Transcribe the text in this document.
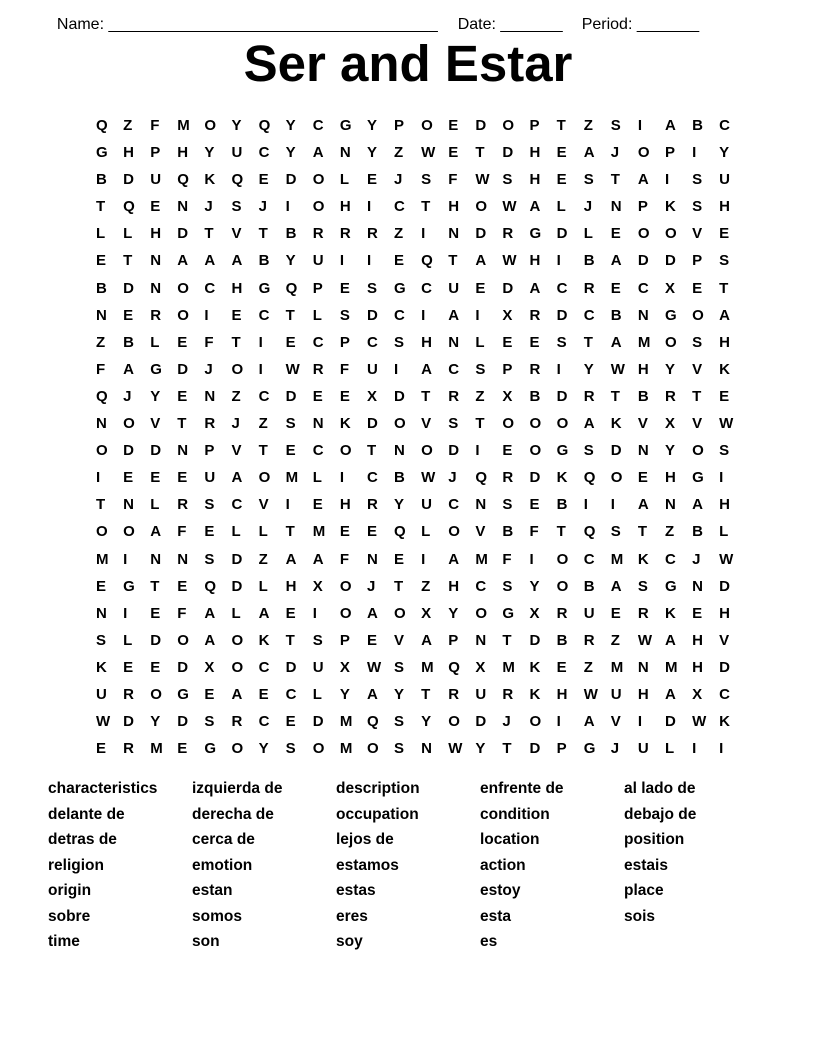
Name: _____________________________________ Date: _______ Period: _______

Ser and Estar
Q	Z	F	M O	Y	Q	Y	C	G	Y	P	O	E	D	O	P	T	Z	S	I	A	B	C
G	H	P	H	Y	U	C	Y	A	N	Y	Z	W E	T	D	H	E	A	J	O	P	I	Y
B	D	U	Q	K	Q	E	D	O	L	E	J	S	F	W S	H	E	S	T	A	I	S	U
T	Q	E	N	J	S	J	I	O	H	I	C	T	H	O	W A	L	J	N	P	K	S	H
L	L	H	D	T	V	T	B	R	R	R	Z	I	N	D	R	G	D	L	E	O	O	V	E
E	T	N	A	A	A	B	Y	U	I	I	E	Q	T	A	W H	I	B	A	D	D	P	S
B	D	N	O	C	H	G	Q	P	E	S	G	C	U	E	D	A	C	R	E	C	X	E	T
N	E	R	O	I	E	C	T	L	S	D	C	I	A	I	X	R	D	C	B	N	G	O	A
Z	B	L	E	F	T	I	E	C	P	C	S	H	N	L	E	E	S	T	A	M O	S	H
F	A	G	D	J	O	I	W R	F	U	I	A	C	S	P	R	I	Y	W H	Y	V	K
Q	J	Y	E	N	Z	C	D	E	E	X	D	T	R	Z	X	B	D	R	T	B	R	T	E
N	O	V	T	R	J	Z	S	N	K	D	O	V	S	T	O	O	O	A	K	V	X	V	W
O	D	D	N	P	V	T	E	C	O	T	N	O	D	I	E	O	G	S	D	N	Y	O	S
I	E	E	E	U	A	O	M L	I	C	B	W J	Q	R	D	K	Q	O	E	H	G	I
T	N	L	R	S	C	V	I	E	H	R	Y	U	C	N	S	E	B	I	I	A	N	A	H
O	O	A	F	E	L	L	T	M E	E	Q	L	O	V	B	F	T	Q	S	T	Z	B	L
M I	N	N	S	D	Z	A	A	F	N	E	I	A	M F	I	O	C	M K	C	J	W
E	G	T	E	Q	D	L	H	X	O	J	T	Z	H	C	S	Y	O	B	A	S	G	N	D
N	I	E	F	A	L	A	E	I	O	A	O	X	Y	O	G	X	R	U	E	R	K	E	H
S	L	D	O	A	O	K	T	S	P	E	V	A	P	N	T	D	B	R	Z	W A	H	V
K	E	E	D	X	O	C	D	U	X	W S	M Q	X	M K	E	Z	M N	M H	D
U	R	O	G	E	A	E	C	L	Y	A	Y	T	R	U	R	K	H	W U	H	A	X	C
W D	Y	D	S	R	C	E	D	M Q	S	Y	O	D	J	O	I	A	V	I	D	W K
E	R	M E	G	O	Y	S	O	M O	S	N	W Y	T	D	P	G	J	U	L	I	I
characteristics	izquierda de	description	enfrente de	al lado de
delante de	derecha de	occupation	condition	debajo de
detras de	cerca de	lejos de	location	position
religion	emotion	estamos	action	estais
origin	estan	estas	estoy	place
sobre	somos	eres	esta	sois
time	son	soy	es
